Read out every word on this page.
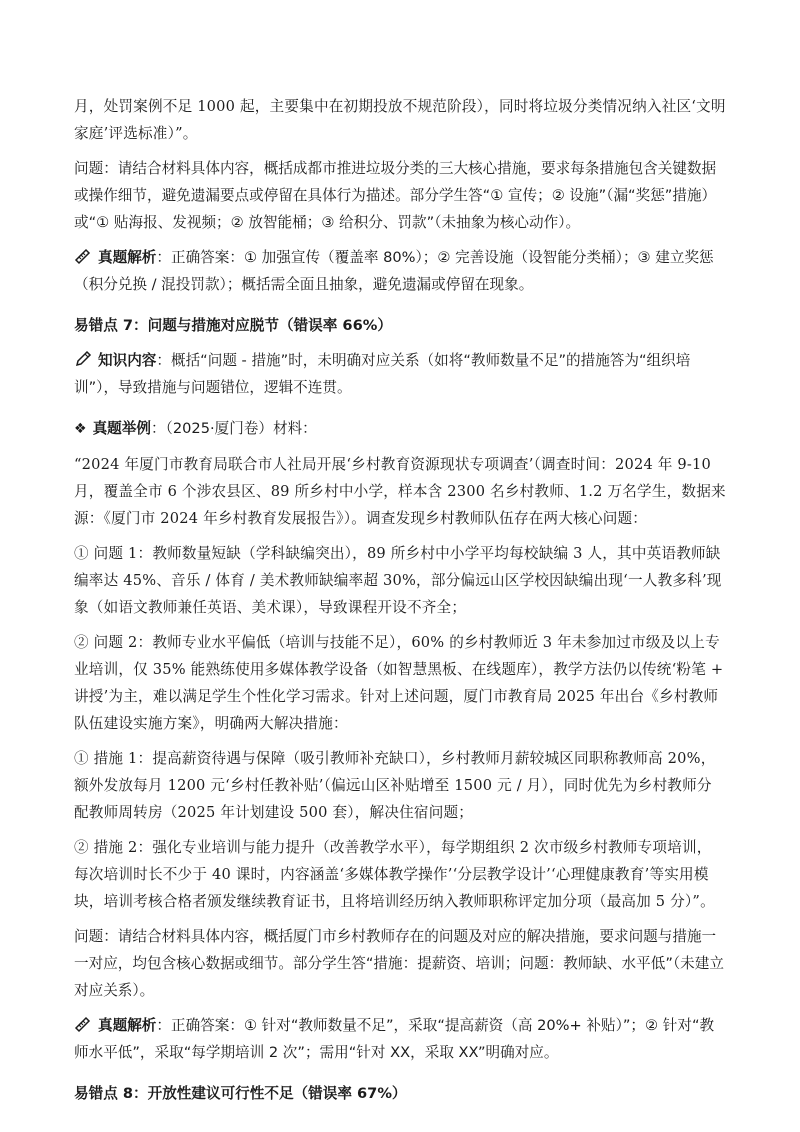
月，处罚案例不足 1000 起，主要集中在初期投放不规范阶段），同时将垃圾分类情况纳入社区‘文明家庭’评选标准）”。

问题：请结合材料具体内容，概括成都市推进垃圾分类的三大核心措施，要求每条措施包含关键数据或操作细节，避免遗漏要点或停留在具体行为描述。部分学生答“① 宣传；② 设施”（漏“奖惩”措施）或“① 贴海报、发视频；② 放智能桶；③ 给积分、罚款”（未抽象为核心动作）。

真题解析：正确答案：① 加强宣传（覆盖率 80%）；② 完善设施（设智能分类桶）；③ 建立奖惩（积分兑换 / 混投罚款）；概括需全面且抽象，避免遗漏或停留在现象。

易错点 7：问题与措施对应脱节（错误率 66%）

知识内容：概括“问题 - 措施”时，未明确对应关系（如将“教师数量不足”的措施答为“组织培训”），导致措施与问题错位，逻辑不连贯。

❖ 真题举例：（2025·厦门卷）材料：

“2024 年厦门市教育局联合市人社局开展‘乡村教育资源现状专项调查’（调查时间：2024 年 9-10 月，覆盖全市 6 个涉农县区、89 所乡村中小学，样本含 2300 名乡村教师、1.2 万名学生，数据来源：《厦门市 2024 年乡村教育发展报告》）。调查发现乡村教师队伍存在两大核心问题：

① 问题 1：教师数量短缺（学科缺编突出），89 所乡村中小学平均每校缺编 3 人，其中英语教师缺编率达 45%、音乐 / 体育 / 美术教师缺编率超 30%，部分偏远山区学校因缺编出现‘一人教多科’现象（如语文教师兼任英语、美术课），导致课程开设不齐全；

② 问题 2：教师专业水平偏低（培训与技能不足），60% 的乡村教师近 3 年未参加过市级及以上专业培训，仅 35% 能熟练使用多媒体教学设备（如智慧黑板、在线题库），教学方法仍以传统‘粉笔 + 讲授’为主，难以满足学生个性化学习需求。针对上述问题，厦门市教育局 2025 年出台《乡村教师队伍建设实施方案》，明确两大解决措施：

① 措施 1：提高薪资待遇与保障（吸引教师补充缺口），乡村教师月薪较城区同职称教师高 20%，额外发放每月 1200 元‘乡村任教补贴’（偏远山区补贴增至 1500 元 / 月），同时优先为乡村教师分配教师周转房（2025 年计划建设 500 套），解决住宿问题；

② 措施 2：强化专业培训与能力提升（改善教学水平），每学期组织 2 次市级乡村教师专项培训，每次培训时长不少于 40 课时，内容涵盖‘多媒体教学操作’‘分层教学设计’‘心理健康教育’等实用模块，培训考核合格者颁发继续教育证书，且将培训经历纳入教师职称评定加分项（最高加 5 分）”。

问题：请结合材料具体内容，概括厦门市乡村教师存在的问题及对应的解决措施，要求问题与措施一一对应，均包含核心数据或细节。部分学生答“措施：提薪资、培训；问题：教师缺、水平低”（未建立对应关系）。

真题解析：正确答案：① 针对“教师数量不足”，采取“提高薪资（高 20%+ 补贴）”；② 针对“教师水平低”，采取“每学期培训 2 次”；需用“针对 XX，采取 XX”明确对应。

易错点 8：开放性建议可行性不足（错误率 67%）
